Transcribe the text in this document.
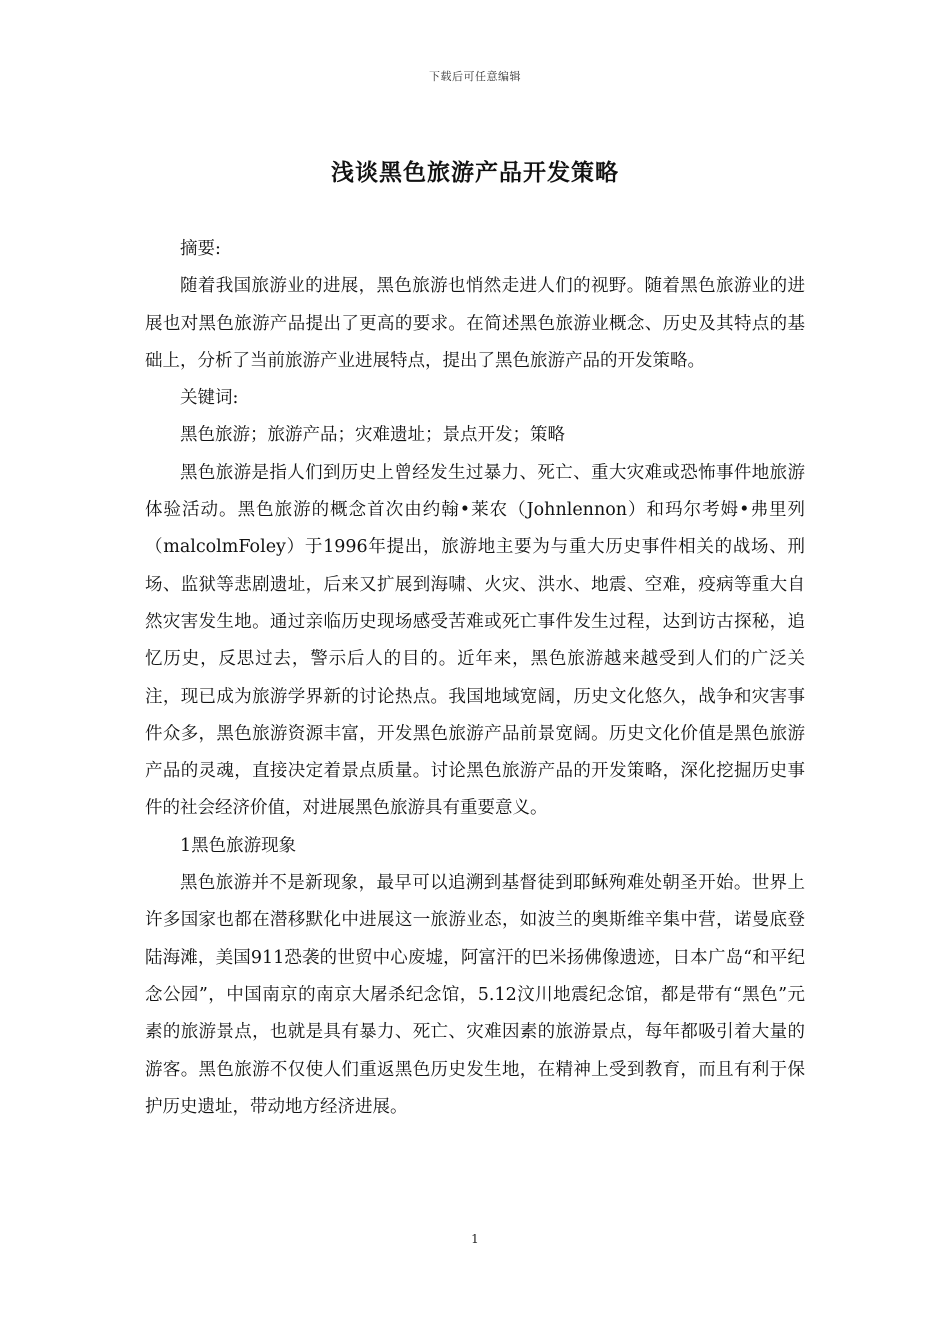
下载后可任意编辑
浅谈黑色旅游产品开发策略

摘要:

随着我国旅游业的进展，黑色旅游也悄然走进人们的视野。随着黑色旅游业的进展也对黑色旅游产品提出了更高的要求。在简述黑色旅游业概念、历史及其特点的基础上，分析了当前旅游产业进展特点，提出了黑色旅游产品的开发策略。

关键词:

黑色旅游；旅游产品；灾难遗址；景点开发；策略

黑色旅游是指人们到历史上曾经发生过暴力、死亡、重大灾难或恐怖事件地旅游体验活动。黑色旅游的概念首次由约翰•莱农（Johnlennon）和玛尔考姆•弗里列（malcolmFoley）于1996年提出，旅游地主要为与重大历史事件相关的战场、刑场、监狱等悲剧遗址，后来又扩展到海啸、火灾、洪水、地震、空难，疫病等重大自然灾害发生地。通过亲临历史现场感受苦难或死亡事件发生过程，达到访古探秘，追忆历史，反思过去，警示后人的目的。近年来，黑色旅游越来越受到人们的广泛关注，现已成为旅游学界新的讨论热点。我国地域宽阔，历史文化悠久，战争和灾害事件众多，黑色旅游资源丰富，开发黑色旅游产品前景宽阔。历史文化价值是黑色旅游产品的灵魂，直接决定着景点质量。讨论黑色旅游产品的开发策略，深化挖掘历史事件的社会经济价值，对进展黑色旅游具有重要意义。

1黑色旅游现象

黑色旅游并不是新现象，最早可以追溯到基督徒到耶稣殉难处朝圣开始。世界上许多国家也都在潜移默化中进展这一旅游业态，如波兰的奥斯维辛集中营，诺曼底登陆海滩，美国911恐袭的世贸中心废墟，阿富汗的巴米扬佛像遗迹，日本广岛“和平纪念公园”，中国南京的南京大屠杀纪念馆，5.12汶川地震纪念馆，都是带有“黑色”元素的旅游景点，也就是具有暴力、死亡、灾难因素的旅游景点，每年都吸引着大量的游客。黑色旅游不仅使人们重返黑色历史发生地，在精神上受到教育，而且有利于保护历史遗址，带动地方经济进展。

1
